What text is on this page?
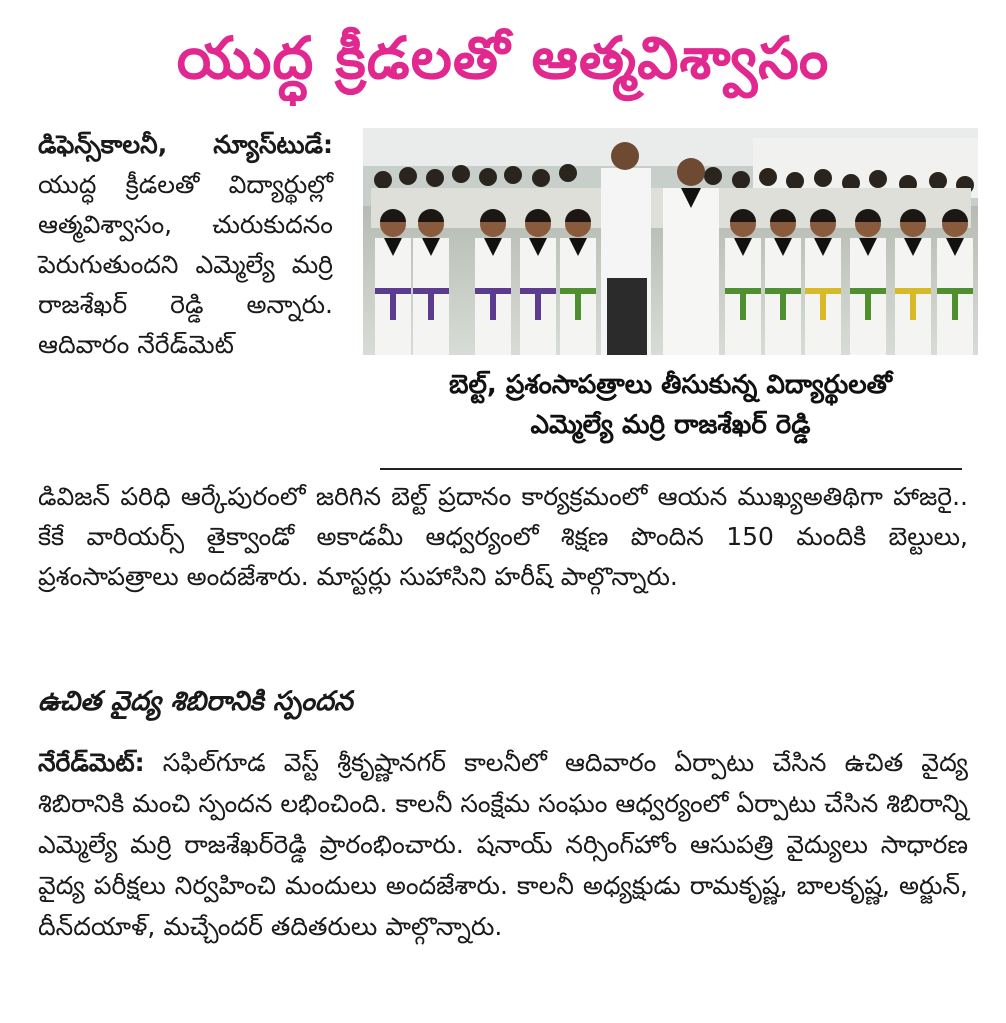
యుద్ధ క్రీడలతో ఆత్మవిశ్వాసం
డిఫెన్స్‌కాలనీ, న్యూస్‌టుడే: యుద్ధ క్రీడలతో విద్యార్థుల్లో ఆత్మవిశ్వాసం, చురుకుదనం పెరుగుతుందని ఎమ్మెల్యే మర్రి రాజశేఖర్ రెడ్డి అన్నారు. ఆదివారం నేరేడ్‌మెట్
బెల్ట్, ప్రశంసాపత్రాలు తీసుకున్న విద్యార్థులతో
ఎమ్మెల్యే మర్రి రాజశేఖర్ రెడ్డి
డివిజన్ పరిధి ఆర్కేపురంలో జరిగిన బెల్ట్ ప్రదానం కార్యక్రమంలో ఆయన ముఖ్యఅతిథిగా హాజరై.. కేకే వారియర్స్ తైక్వాండో అకాడమీ ఆధ్వర్యంలో శిక్షణ పొందిన 150 మందికి బెల్టులు, ప్రశంసాపత్రాలు అందజేశారు. మాస్టర్లు సుహాసిని హరీష్ పాల్గొన్నారు.
ఉచిత వైద్య శిబిరానికి స్పందన
నేరేడ్‌మెట్: సఫిల్‌గూడ వెస్ట్ శ్రీకృష్ణానగర్ కాలనీలో ఆదివారం ఏర్పాటు చేసిన ఉచిత వైద్య శిబిరానికి మంచి స్పందన లభించింది. కాలనీ సంక్షేమ సంఘం ఆధ్వర్యంలో ఏర్పాటు చేసిన శిబిరాన్ని ఎమ్మెల్యే మర్రి రాజశేఖర్‌రెడ్డి ప్రారంభించారు. షనాయ్ నర్సింగ్‌హోం ఆసుపత్రి వైద్యులు సాధారణ వైద్య పరీక్షలు నిర్వహించి మందులు అందజేశారు. కాలనీ అధ్యక్షుడు రామకృష్ణ, బాలకృష్ణ, అర్జున్, దీన్‌దయాళ్, మచ్చేందర్ తదితరులు పాల్గొన్నారు.
